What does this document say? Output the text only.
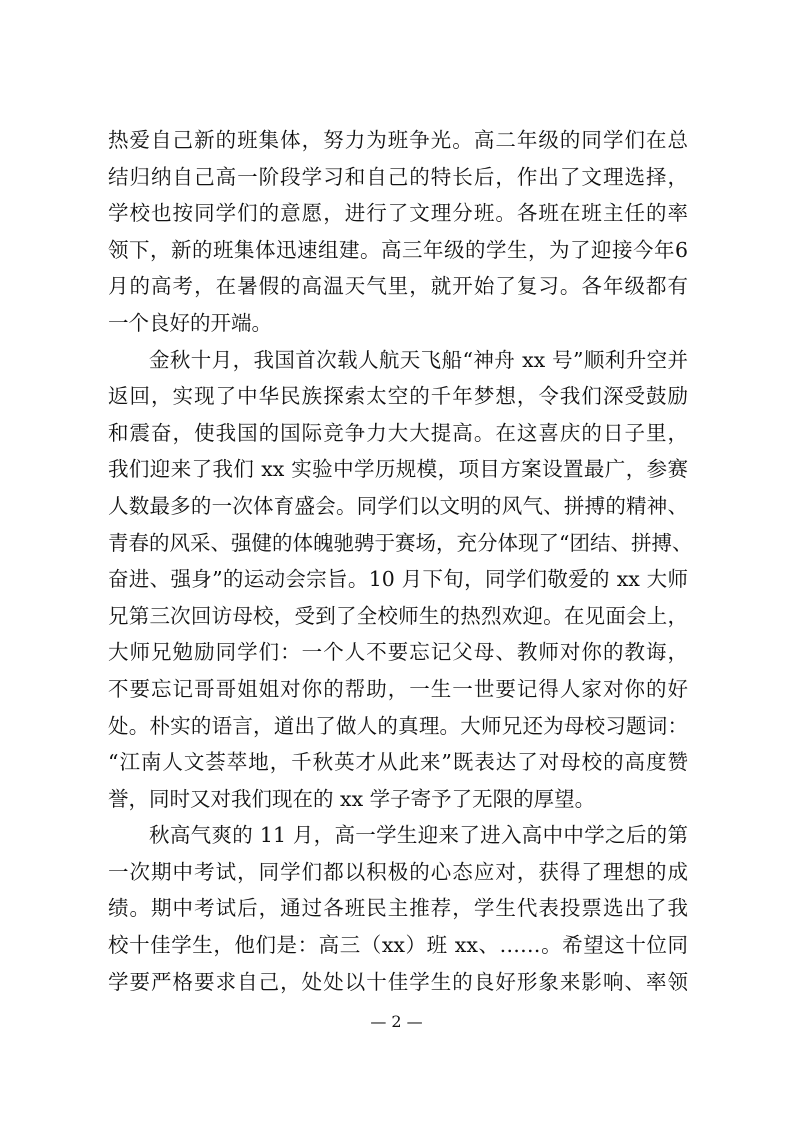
热爱自己新的班集体，努力为班争光。高二年级的同学们在总
结归纳自己高一阶段学习和自己的特长后，作出了文理选择，
学校也按同学们的意愿，进行了文理分班。各班在班主任的率
领下，新的班集体迅速组建。高三年级的学生，为了迎接今年6
月的高考，在暑假的高温天气里，就开始了复习。各年级都有
一个良好的开端。
金秋十月，我国首次载人航天飞船“神舟 xx 号”顺利升空并
返回，实现了中华民族探索太空的千年梦想，令我们深受鼓励
和震奋，使我国的国际竞争力大大提高。在这喜庆的日子里，
我们迎来了我们 xx 实验中学历规模，项目方案设置最广，参赛
人数最多的一次体育盛会。同学们以文明的风气、拼搏的精神、
青春的风采、强健的体魄驰骋于赛场，充分体现了“团结、拼搏、
奋进、强身”的运动会宗旨。10 月下旬，同学们敬爱的 xx 大师
兄第三次回访母校，受到了全校师生的热烈欢迎。在见面会上，
大师兄勉励同学们：一个人不要忘记父母、教师对你的教诲，
不要忘记哥哥姐姐对你的帮助，一生一世要记得人家对你的好
处。朴实的语言，道出了做人的真理。大师兄还为母校习题词：
“江南人文荟萃地，千秋英才从此来”既表达了对母校的高度赞
誉，同时又对我们现在的 xx 学子寄予了无限的厚望。
秋高气爽的 11 月，高一学生迎来了进入高中中学之后的第
一次期中考试，同学们都以积极的心态应对，获得了理想的成
绩。期中考试后，通过各班民主推荐，学生代表投票选出了我
校十佳学生，他们是：高三（xx）班 xx、……。希望这十位同
学要严格要求自己，处处以十佳学生的良好形象来影响、率领
— 2 —
